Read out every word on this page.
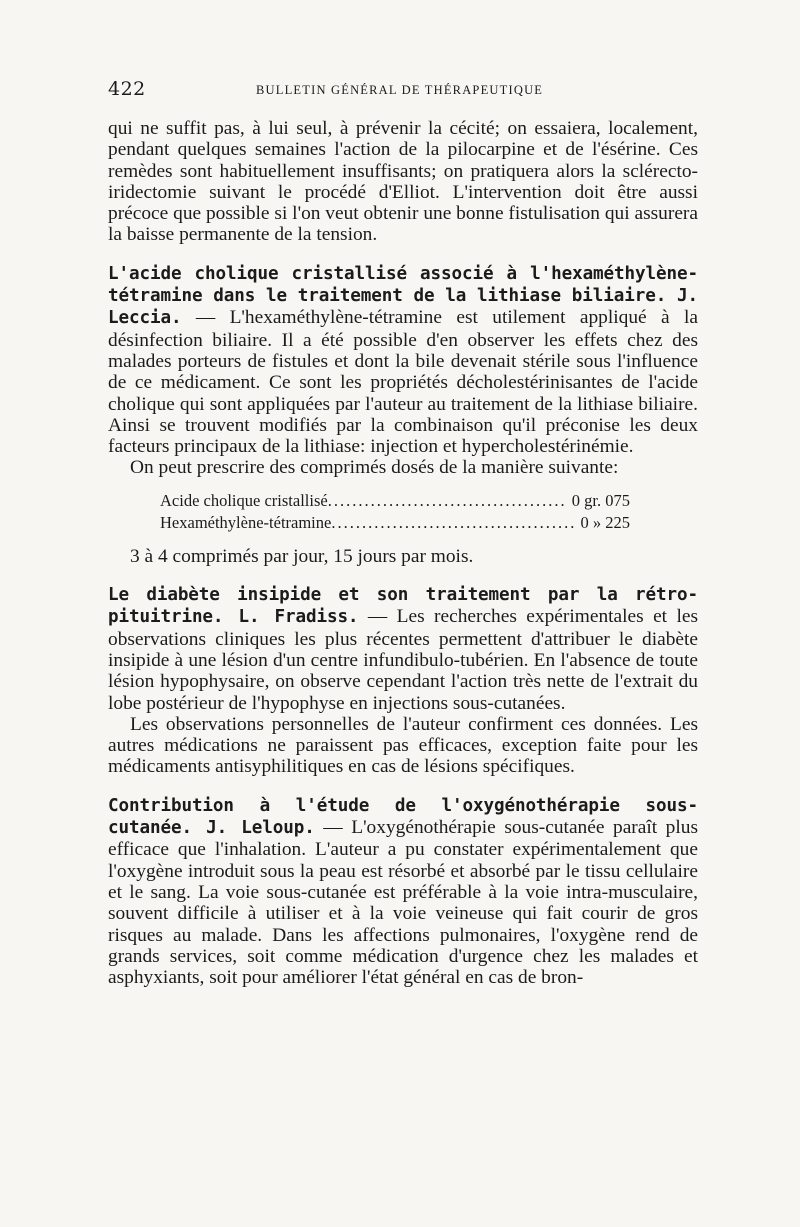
422	BULLETIN GÉNÉRAL DE THÉRAPEUTIQUE

qui ne suffit pas, à lui seul, à prévenir la cécité; on essaiera, localement, pendant quelques semaines l'action de la pilocarpine et de l'ésérine. Ces remèdes sont habituellement insuffisants; on pratiquera alors la sclérecto-iridectomie suivant le procédé d'Elliot. L'intervention doit être aussi précoce que possible si l'on veut obtenir une bonne fistulisation qui assurera la baisse permanente de la tension.

L'acide cholique cristallisé associé à l'hexaméthylène-tétramine dans le traitement de la lithiase biliaire. J. Leccia. — L'hexaméthylène-tétramine est utilement appliqué à la désinfection biliaire. Il a été possible d'en observer les effets chez des malades porteurs de fistules et dont la bile devenait stérile sous l'influence de ce médicament. Ce sont les propriétés décholestérinisantes de l'acide cholique qui sont appliquées par l'auteur au traitement de la lithiase biliaire. Ainsi se trouvent modifiés par la combinaison qu'il préconise les deux facteurs principaux de la lithiase: injection et hypercholestérinémie.

On peut prescrire des comprimés dosés de la manière suivante:

Acide cholique cristallisé .....	0 gr. 075
Hexaméthylène-tétramine .....	0 » 225

3 à 4 comprimés par jour, 15 jours par mois.

Le diabète insipide et son traitement par la rétro-pituitrine. L. Fradiss. — Les recherches expérimentales et les observations cliniques les plus récentes permettent d'attribuer le diabète insipide à une lésion d'un centre infundibulo-tubérien. En l'absence de toute lésion hypophysaire, on observe cependant l'action très nette de l'extrait du lobe postérieur de l'hypophyse en injections sous-cutanées.

Les observations personnelles de l'auteur confirment ces données. Les autres médications ne paraissent pas efficaces, exception faite pour les médicaments antisyphilitiques en cas de lésions spécifiques.

Contribution à l'étude de l'oxygénothérapie sous-cutanée. J. Leloup. — L'oxygénothérapie sous-cutanée paraît plus efficace que l'inhalation. L'auteur a pu constater expérimentalement que l'oxygène introduit sous la peau est résorbé et absorbé par le tissu cellulaire et le sang. La voie sous-cutanée est préférable à la voie intra-musculaire, souvent difficile à utiliser et à la voie veineuse qui fait courir de gros risques au malade. Dans les affections pulmonaires, l'oxygène rend de grands services, soit comme médication d'urgence chez les malades et asphyxiants, soit pour améliorer l'état général en cas de bron-
